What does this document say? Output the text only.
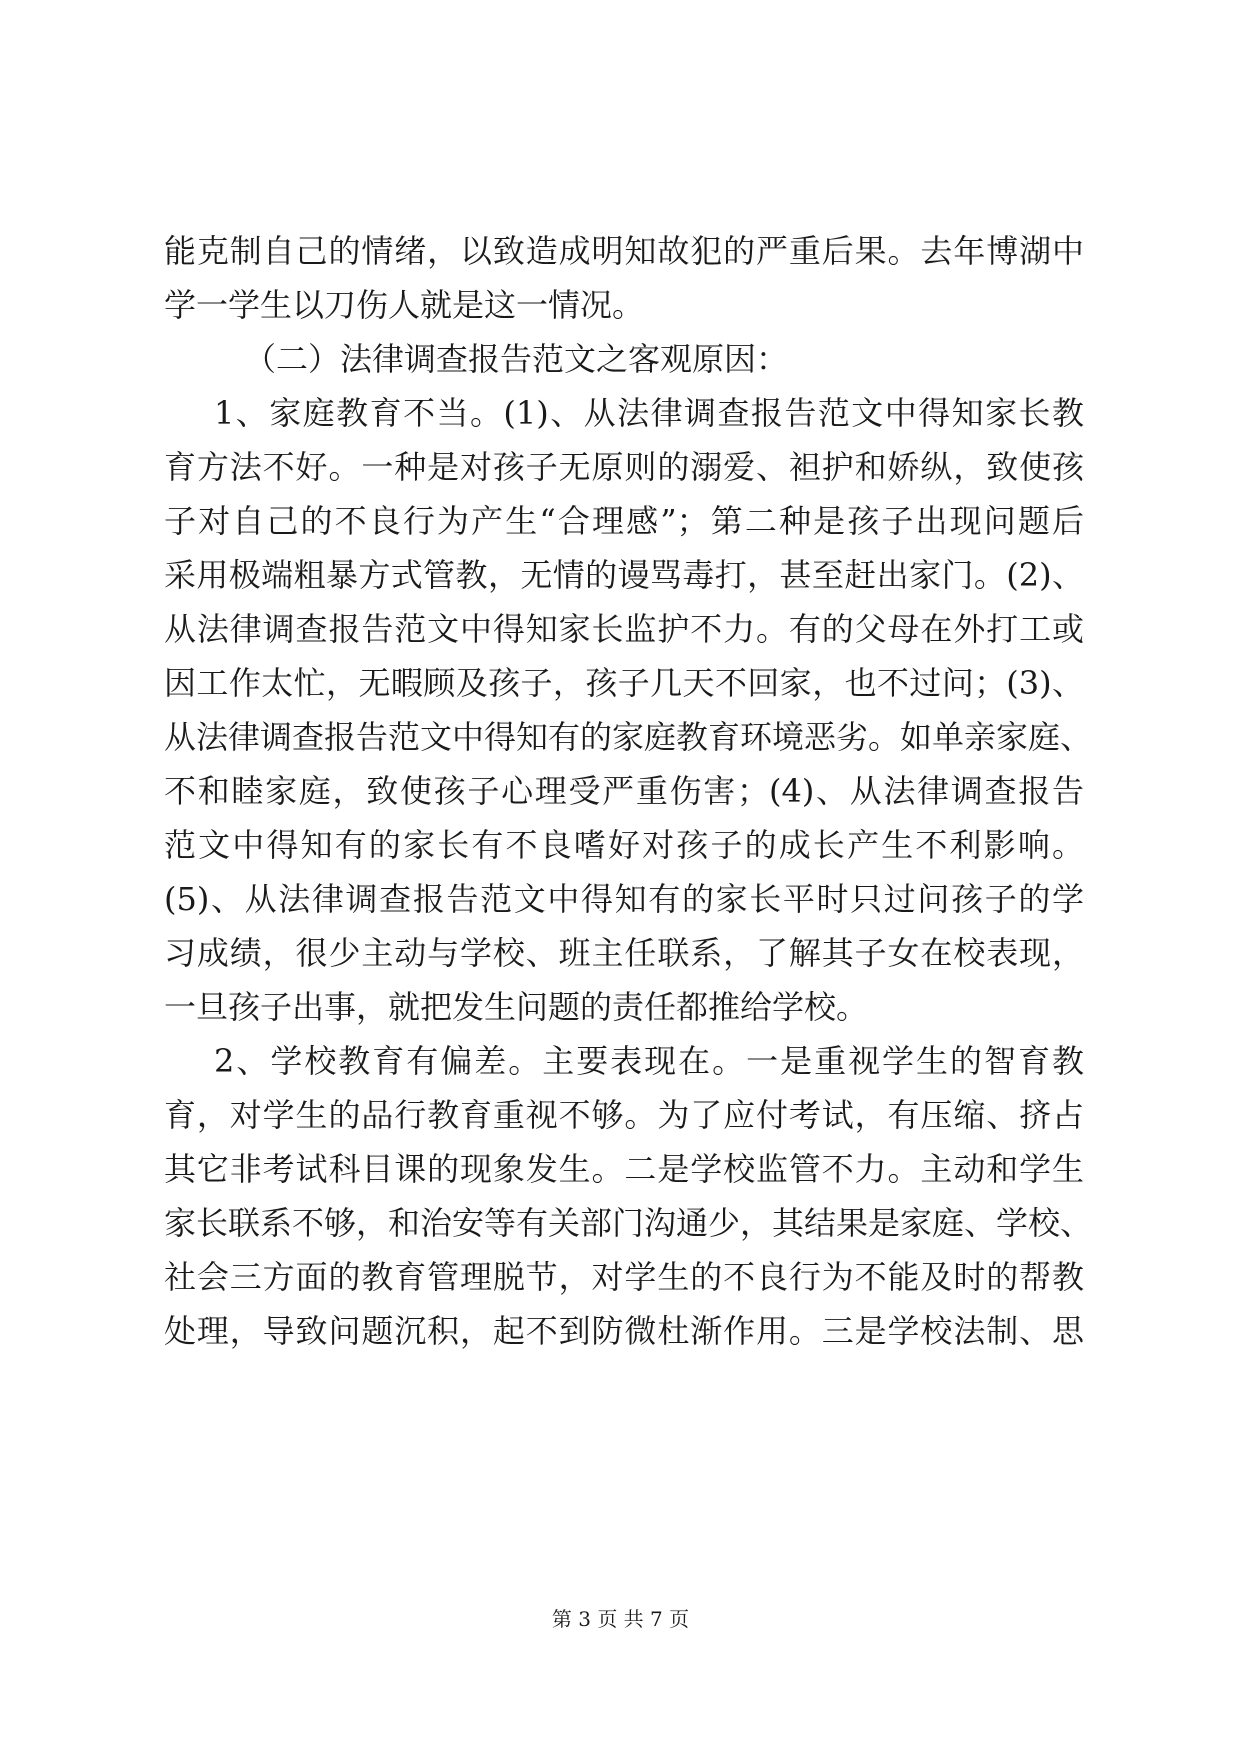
能克制自己的情绪，以致造成明知故犯的严重后果。去年博湖中
学一学生以刀伤人就是这一情况。
（二）法律调查报告范文之客观原因：
1、家庭教育不当。(1)、从法律调查报告范文中得知家长教
育方法不好。一种是对孩子无原则的溺爱、袒护和娇纵，致使孩
子对自己的不良行为产生“合理感”；第二种是孩子出现问题后
采用极端粗暴方式管教，无情的谩骂毒打，甚至赶出家门。(2)、
从法律调查报告范文中得知家长监护不力。有的父母在外打工或
因工作太忙，无暇顾及孩子，孩子几天不回家，也不过问；(3)、
从法律调查报告范文中得知有的家庭教育环境恶劣。如单亲家庭、
不和睦家庭，致使孩子心理受严重伤害；(4)、从法律调查报告
范文中得知有的家长有不良嗜好对孩子的成长产生不利影响。
(5)、从法律调查报告范文中得知有的家长平时只过问孩子的学
习成绩，很少主动与学校、班主任联系，了解其子女在校表现，
一旦孩子出事，就把发生问题的责任都推给学校。
2、学校教育有偏差。主要表现在。一是重视学生的智育教
育，对学生的品行教育重视不够。为了应付考试，有压缩、挤占
其它非考试科目课的现象发生。二是学校监管不力。主动和学生
家长联系不够，和治安等有关部门沟通少，其结果是家庭、学校、
社会三方面的教育管理脱节，对学生的不良行为不能及时的帮教
处理，导致问题沉积，起不到防微杜渐作用。三是学校法制、思
第 3 页 共 7 页
